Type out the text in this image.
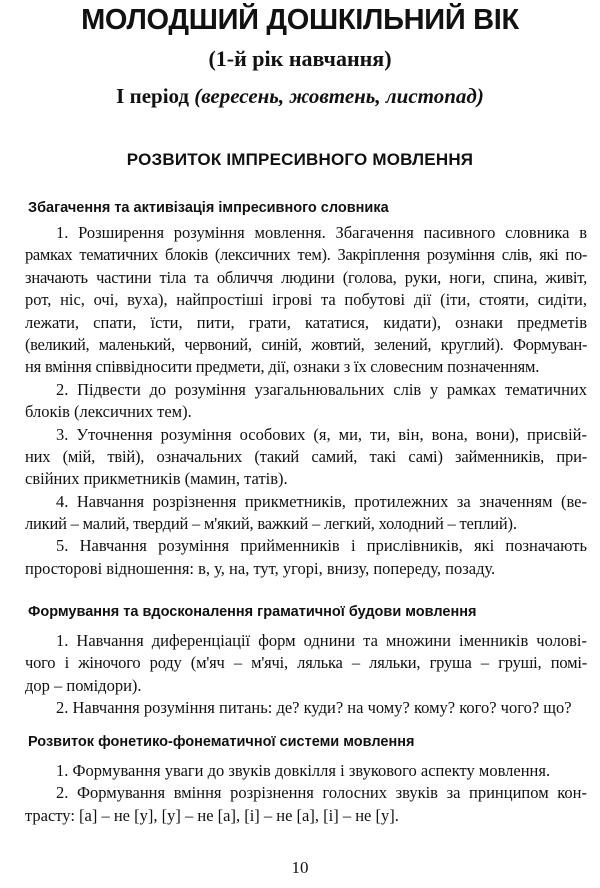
МОЛОДШИЙ ДОШКІЛЬНИЙ ВІК
(1-й рік навчання)
І період (вересень, жовтень, листопад)
РОЗВИТОК ІМПРЕСИВНОГО МОВЛЕННЯ
Збагачення та активізація імпресивного словника
1. Розширення розуміння мовлення. Збагачення пасивного словника в
рамках тематичних блоків (лексичних тем). Закріплення розуміння слів, які по-
значають частини тіла та обличчя людини (голова, руки, ноги, спина, живіт,
рот, ніс, очі, вуха), найпростіші ігрові та побутові дії (іти, стояти, сидіти,
лежати, спати, їсти, пити, грати, кататися, кидати), ознаки предметів
(великий, маленький, червоний, синій, жовтий, зелений, круглий). Формуван-
ня вміння співвідносити предмети, дії, ознаки з їх словесним позначенням.
2. Підвести до розуміння узагальнювальних слів у рамках тематичних
блоків (лексичних тем).
3. Уточнення розуміння особових (я, ми, ти, він, вона, вони), присвій-
них (мій, твій), означальних (такий самий, такі самі) займенників, при-
свійних прикметників (мамин, татів).
4. Навчання розрізнення прикметників, протилежних за значенням (ве-
ликий – малий, твердий – м'який, важкий – легкий, холодний – теплий).
5. Навчання розуміння прийменників і прислівників, які позначають
просторові відношення: в, у, на, тут, угорі, внизу, попереду, позаду.
Формування та вдосконалення граматичної будови мовлення
1. Навчання диференціації форм однини та множини іменників чолові-
чого і жіночого роду (м'яч – м'ячі, лялька – ляльки, груша – груші, помі-
дор – помідори).
2. Навчання розуміння питань: де? куди? на чому? кому? кого? чого? що?
Розвиток фонетико-фонематичної системи мовлення
1. Формування уваги до звуків довкілля і звукового аспекту мовлення.
2. Формування вміння розрізнення голосних звуків за принципом кон-
трасту: [а] – не [у], [у] – не [а], [і] – не [а], [і] – не [у].
10
